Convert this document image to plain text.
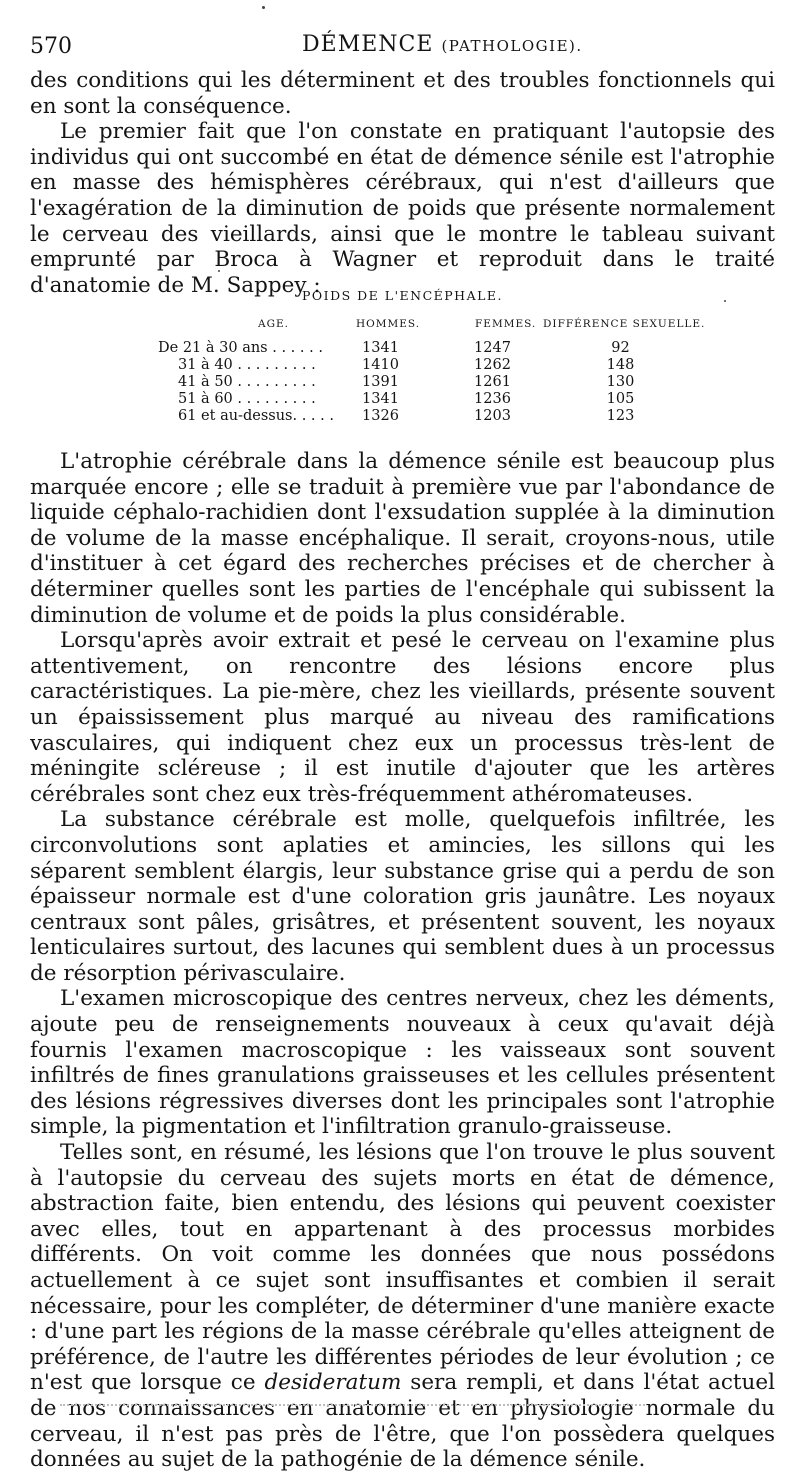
570	DÉMENCE (PATHOLOGIE).

des conditions qui les déterminent et des troubles fonctionnels qui en sont la conséquence.

Le premier fait que l'on constate en pratiquant l'autopsie des individus qui ont succombé en état de démence sénile est l'atrophie en masse des hémisphères cérébraux, qui n'est d'ailleurs que l'exagération de la diminution de poids que présente normalement le cerveau des vieillards, ainsi que le montre le tableau suivant emprunté par Broca à Wagner et reproduit dans le traité d'anatomie de M. Sappey :

POIDS DE L'ENCÉPHALE.
AGE.	HOMMES.	FEMMES. DIFFÉRENCE SEXUELLE.
De 21 à 30 ans . . . . . .	1341	1247	92
31 à 40 . . . . . . . . .	1410	1262	148
41 à 50 . . . . . . . . .	1391	1261	130
51 à 60 . . . . . . . . .	1341	1236	105
61 et au-dessus. . . . .	1326	1203	123

L'atrophie cérébrale dans la démence sénile est beaucoup plus marquée encore ; elle se traduit à première vue par l'abondance de liquide céphalo-rachidien dont l'exsudation supplée à la diminution de volume de la masse encéphalique. Il serait, croyons-nous, utile d'instituer à cet égard des recherches précises et de chercher à déterminer quelles sont les parties de l'encéphale qui subissent la diminution de volume et de poids la plus considérable.

Lorsqu'après avoir extrait et pesé le cerveau on l'examine plus attentivement, on rencontre des lésions encore plus caractéristiques. La pie-mère, chez les vieillards, présente souvent un épaississement plus marqué au niveau des ramifications vasculaires, qui indiquent chez eux un processus très-lent de méningite scléreuse ; il est inutile d'ajouter que les artères cérébrales sont chez eux très-fréquemment athéromateuses.

La substance cérébrale est molle, quelquefois infiltrée, les circonvolutions sont aplaties et amincies, les sillons qui les séparent semblent élargis, leur substance grise qui a perdu de son épaisseur normale est d'une coloration gris jaunâtre. Les noyaux centraux sont pâles, grisâtres, et présentent souvent, les noyaux lenticulaires surtout, des lacunes qui semblent dues à un processus de résorption périvasculaire.

L'examen microscopique des centres nerveux, chez les déments, ajoute peu de renseignements nouveaux à ceux qu'avait déjà fournis l'examen macroscopique : les vaisseaux sont souvent infiltrés de fines granulations graisseuses et les cellules présentent des lésions régressives diverses dont les principales sont l'atrophie simple, la pigmentation et l'infiltration granulo-graisseuse.

Telles sont, en résumé, les lésions que l'on trouve le plus souvent à l'autopsie du cerveau des sujets morts en état de démence, abstraction faite, bien entendu, des lésions qui peuvent coexister avec elles, tout en appartenant à des processus morbides différents. On voit comme les données que nous possédons actuellement à ce sujet sont insuffisantes et combien il serait nécessaire, pour les compléter, de déterminer d'une manière exacte : d'une part les régions de la masse cérébrale qu'elles atteignent de préférence, de l'autre les différentes périodes de leur évolution ; ce n'est que lorsque ce desideratum sera rempli, et dans l'état actuel de nos connaissances en anatomie et en physiologie normale du cerveau, il n'est pas près de l'être, que l'on possèdera quelques données au sujet de la pathogénie de la démence sénile.
